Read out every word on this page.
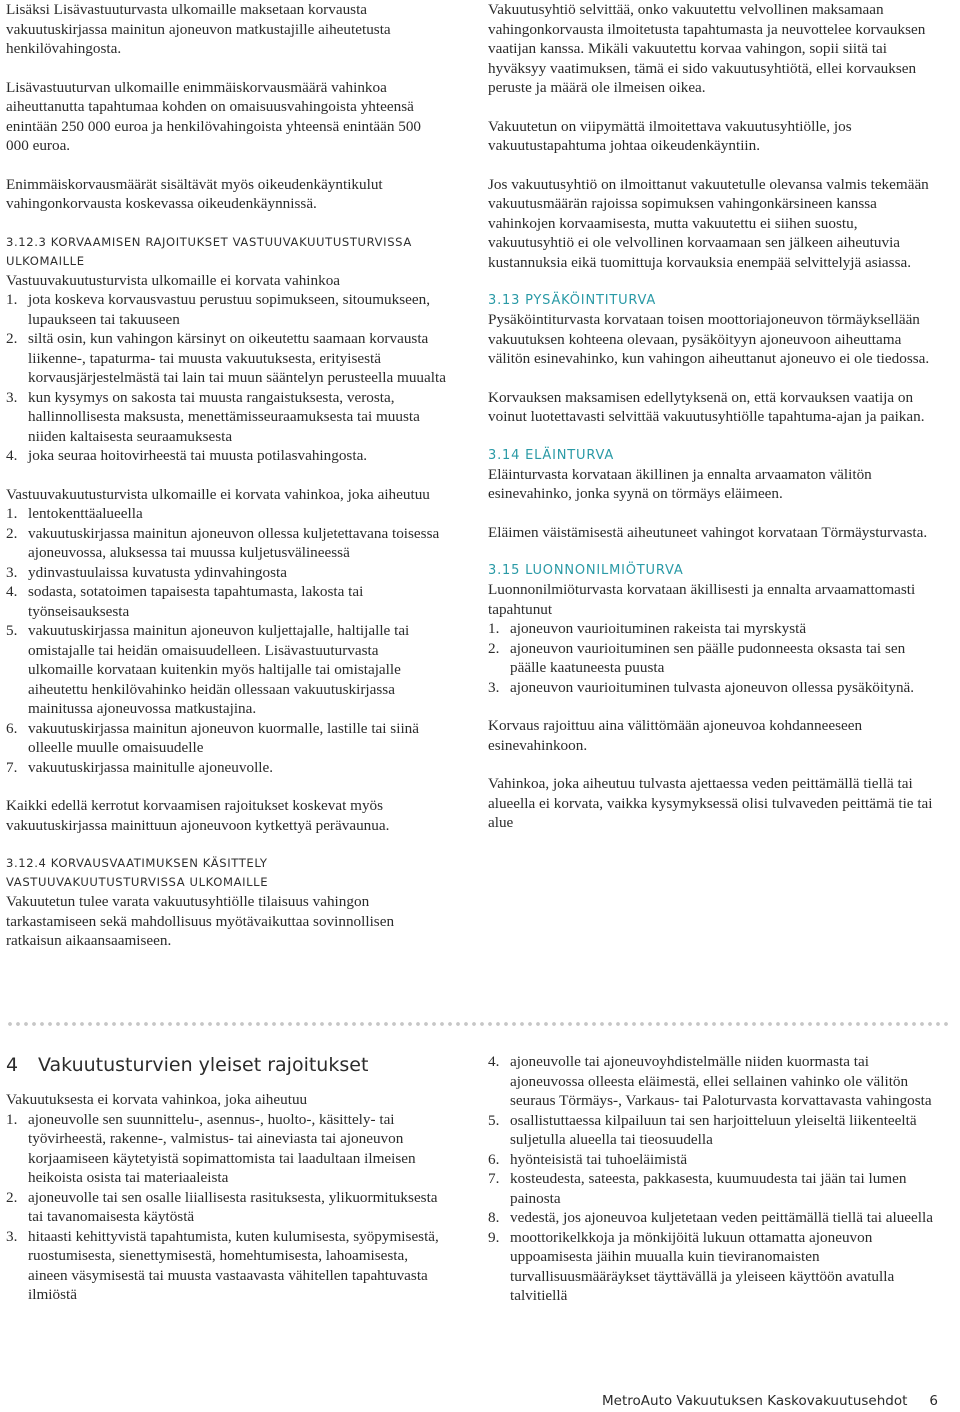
Lisäksi Lisävastuuturvasta ulkomaille maksetaan korvausta vakuutuskirjassa mainitun ajoneuvon matkustajille aiheutetusta henkilövahingosta.

Lisävastuuturvan ulkomaille enimmäiskorvausmäärä vahinkoa aiheuttanutta tapahtumaa kohden on omaisuusvahingoista yhteensä enintään 250 000 euroa ja henkilövahingoista yhteensä enintään 500 000 euroa.

Enimmäiskorvausmäärät sisältävät myös oikeudenkäyntikulut vahingonkorvausta koskevassa oikeudenkäynnissä.

3.12.3 KORVAAMISEN RAJOITUKSET VASTUUVAKUUTUSTURVISSA ULKOMAILLE

Vastuuvakuutusturvista ulkomaille ei korvata vahinkoa

1. jota koskeva korvausvastuu perustuu sopimukseen, sitoumukseen, lupaukseen tai takuuseen
2. siltä osin, kun vahingon kärsinyt on oikeutettu saamaan korvausta liikenne-, tapaturma- tai muusta vakuutuksesta, erityisestä korvausjärjestelmästä tai lain tai muun sääntelyn perusteella muualta
3. kun kysymys on sakosta tai muusta rangaistuksesta, verosta, hallinnollisesta maksusta, menettämisseuraamuksesta tai muusta niiden kaltaisesta seuraamuksesta
4. joka seuraa hoitovirheestä tai muusta potilasvahingosta.

Vastuuvakuutusturvista ulkomaille ei korvata vahinkoa, joka aiheutuu

1. lentokenttäalueella
2. vakuutuskirjassa mainitun ajoneuvon ollessa kuljetettavana toisessa ajoneuvossa, aluksessa tai muussa kuljetusvälineessä
3. ydinvastuulaissa kuvatusta ydinvahingosta
4. sodasta, sotatoimen tapaisesta tapahtumasta, lakosta tai työnseisauksesta
5. vakuutuskirjassa mainitun ajoneuvon kuljettajalle, haltijalle tai omistajalle tai heidän omaisuudelleen. Lisävastuuturvasta ulkomaille korvataan kuitenkin myös haltijalle tai omistajalle aiheutettu henkilövahinko heidän ollessaan vakuutuskirjassa mainitussa ajoneuvossa matkustajina.
6. vakuutuskirjassa mainitun ajoneuvon kuormalle, lastille tai siinä olleelle muulle omaisuudelle
7. vakuutuskirjassa mainitulle ajoneuvolle.

Kaikki edellä kerrotut korvaamisen rajoitukset koskevat myös vakuutuskirjassa mainittuun ajoneuvoon kytkettyä perävaunua.

3.12.4 KORVAUSVAATIMUKSEN KÄSITTELY VASTUUVAKUUTUSTURVISSA ULKOMAILLE

Vakuutetun tulee varata vakuutusyhtiölle tilaisuus vahingon tarkastamiseen sekä mahdollisuus myötävaikuttaa sovinnollisen ratkaisun aikaansaamiseen.

Vakuutusyhtiö selvittää, onko vakuutettu velvollinen maksamaan vahingonkorvausta ilmoitetusta tapahtumasta ja neuvottelee korvauksen vaatijan kanssa. Mikäli vakuutettu korvaa vahingon, sopii siitä tai hyväksyy vaatimuksen, tämä ei sido vakuutusyhtiötä, ellei korvauksen peruste ja määrä ole ilmeisen oikea.

Vakuutetun on viipymättä ilmoitettava vakuutusyhtiölle, jos vakuutustapahtuma johtaa oikeudenkäyntiin.

Jos vakuutusyhtiö on ilmoittanut vakuutetulle olevansa valmis tekemään vakuutusmäärän rajoissa sopimuksen vahingonkärsineen kanssa vahinkojen korvaamisesta, mutta vakuutettu ei siihen suostu, vakuutusyhtiö ei ole velvollinen korvaamaan sen jälkeen aiheutuvia kustannuksia eikä tuomittuja korvauksia enempää selvittelyjä asiassa.

3.13 PYSÄKÖINTITURVA

Pysäköintiturvasta korvataan toisen moottoriajoneuvon törmäyksellään vakuutuksen kohteena olevaan, pysäköityyn ajoneuvoon aiheuttama välitön esinevahinko, kun vahingon aiheuttanut ajoneuvo ei ole tiedossa.

Korvauksen maksamisen edellytyksenä on, että korvauksen vaatija on voinut luotettavasti selvittää vakuutusyhtiölle tapahtuma-ajan ja paikan.

3.14 ELÄINTURVA

Eläinturvasta korvataan äkillinen ja ennalta arvaamaton välitön esinevahinko, jonka syynä on törmäys eläimeen.

Eläimen väistämisestä aiheutuneet vahingot korvataan Törmäysturvasta.

3.15 LUONNONILMIÖTURVA

Luonnonilmiöturvasta korvataan äkillisesti ja ennalta arvaamattomasti tapahtunut

1. ajoneuvon vaurioituminen rakeista tai myrskystä
2. ajoneuvon vaurioituminen sen päälle pudonneesta oksasta tai sen päälle kaatuneesta puusta
3. ajoneuvon vaurioituminen tulvasta ajoneuvon ollessa pysäköitynä.

Korvaus rajoittuu aina välittömään ajoneuvoa kohdanneeseen esinevahinkoon.

Vahinkoa, joka aiheutuu tulvasta ajettaessa veden peittämällä tiellä tai alueella ei korvata, vaikka kysymyksessä olisi tulvaveden peittämä tie tai alue

4 Vakuutusturvien yleiset rajoitukset

Vakuutuksesta ei korvata vahinkoa, joka aiheutuu

1. ajoneuvolle sen suunnittelu-, asennus-, huolto-, käsittely- tai työvirheestä, rakenne-, valmistus- tai aineviasta tai ajoneuvon korjaamiseen käytetyistä sopimattomista tai laadultaan ilmeisen heikoista osista tai materiaaleista
2. ajoneuvolle tai sen osalle liiallisesta rasituksesta, ylikuormituksesta tai tavanomaisesta käytöstä
3. hitaasti kehittyvistä tapahtumista, kuten kulumisesta, syöpymisestä, ruostumisesta, sienettymisestä, homehtumisesta, lahoamisesta, aineen väsymisestä tai muusta vastaavasta vähitellen tapahtuvasta ilmiöstä
4. ajoneuvolle tai ajoneuvoyhdistelmälle niiden kuormasta tai ajoneuvossa olleesta eläimestä, ellei sellainen vahinko ole välitön seuraus Törmäys-, Varkaus- tai Paloturvasta korvattavasta vahingosta
5. osallistuttaessa kilpailuun tai sen harjoitteluun yleiseltä liikenteeltä suljetulla alueella tai tieosuudella
6. hyönteisistä tai tuhoeläimistä
7. kosteudesta, sateesta, pakkasesta, kuumuudesta tai jään tai lumen painosta
8. vedestä, jos ajoneuvoa kuljetetaan veden peittämällä tiellä tai alueella
9. moottorikelkkoja ja mönkijöitä lukuun ottamatta ajoneuvon uppoamisesta jäihin muualla kuin tieviranomaisten turvallisuusmääräykset täyttävällä ja yleiseen käyttöön avatulla talvitiellä
MetroAuto Vakuutuksen Kaskovakuutusehdot 6
